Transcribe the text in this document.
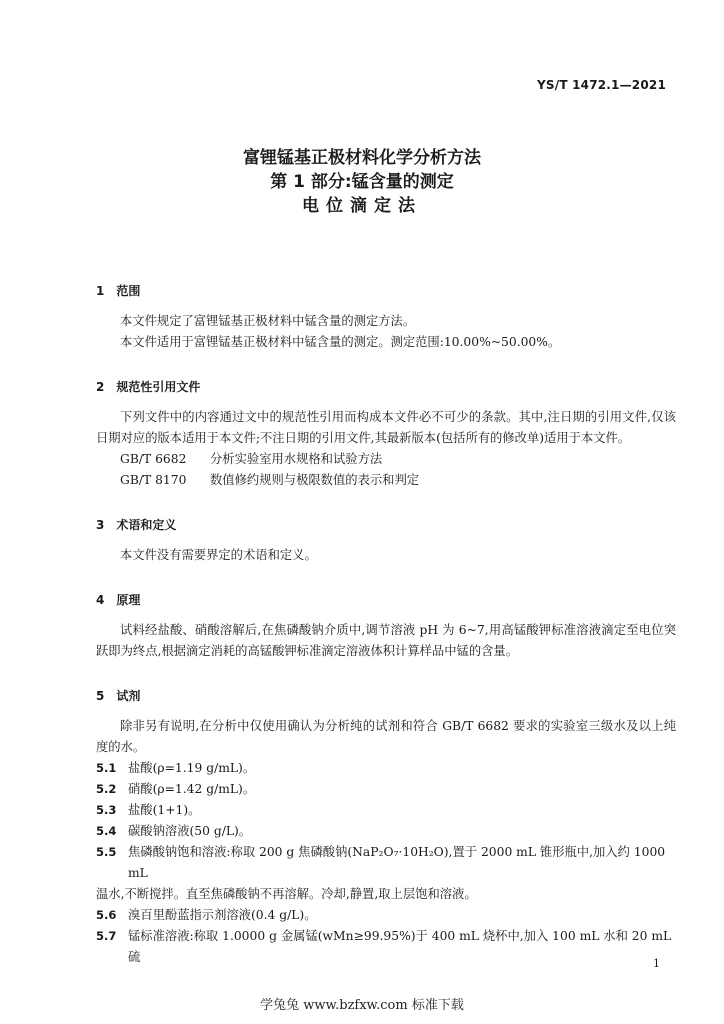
YS/T 1472.1—2021

富锂锰基正极材料化学分析方法

第 1 部分:锰含量的测定

电位滴定法

1 范围

本文件规定了富锂锰基正极材料中锰含量的测定方法。

本文件适用于富锂锰基正极材料中锰含量的测定。测定范围:10.00%~50.00%。

2 规范性引用文件

下列文件中的内容通过文中的规范性引用而构成本文件必不可少的条款。其中,注日期的引用文件,仅该日期对应的版本适用于本文件;不注日期的引用文件,其最新版本(包括所有的修改单)适用于本文件。

GB/T 6682	分析实验室用水规格和试验方法
GB/T 8170	数值修约规则与极限数值的表示和判定
3 术语和定义

本文件没有需要界定的术语和定义。

4 原理

试料经盐酸、硝酸溶解后,在焦磷酸钠介质中,调节溶液 pH 为 6~7,用高锰酸钾标准溶液滴定至电位突跃即为终点,根据滴定消耗的高锰酸钾标准滴定溶液体积计算样品中锰的含量。

5 试剂

除非另有说明,在分析中仅使用确认为分析纯的试剂和符合 GB/T 6682 要求的实验室三级水及以上纯度的水。

5.1 盐酸(ρ=1.19 g/mL)。
5.2 硝酸(ρ=1.42 g/mL)。
5.3 盐酸(1+1)。
5.4 碳酸钠溶液(50 g/L)。
5.5 焦磷酸钠饱和溶液:称取 200 g 焦磷酸钠(NaP₂O₇·10H₂O),置于 2000 mL 锥形瓶中,加入约 1000 mL

温水,不断搅拌。直至焦磷酸钠不再溶解。冷却,静置,取上层饱和溶液。

5.6 溴百里酚蓝指示剂溶液(0.4 g/L)。
5.7 锰标准溶液:称取 1.0000 g 金属锰(wMn≥99.95%)于 400 mL 烧杯中,加入 100 mL 水和 20 mL 硫	1
学兔兔 www.bzfxw.com 标准下载
